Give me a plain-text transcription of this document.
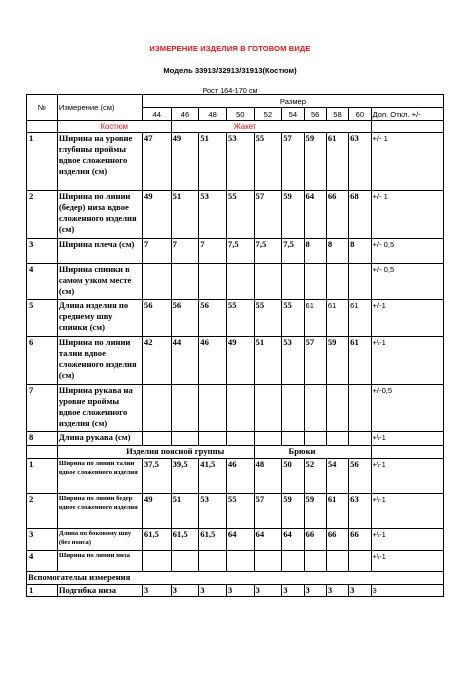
ИЗМЕРЕНИЕ ИЗДЕЛИЯ В ГОТОВОМ ВИДЕ
Модель 33913/32913/31913(Костюм)
Рост 164-170 см
№	Измерение (см)	Размер									
		44	46	48	50	52	54	56	58	60	Доп. Откл. +/-
	Костюм		Жакет								
1	Ширина на уровне глубины проймы вдвое сложенного изделия (см)	47	49	51	53	55	57	59	61	63	+/- 1
2	Ширина по линии (бедер) низа вдвое сложенного изделия (см)	49	51	53	55	57	59	64	66	68	+/- 1
3	Ширина плеча (см)	7	7	7	7,5	7,5	7,5	8	8	8	+/- 0,5
4	Ширина спинки в самом узком месте (см)										+/- 0,5
5	Длина изделия по среднему шву спинки (см)	56	56	56	55	55	55	61	61	61	+/-1
6	Ширина по линии талии вдвое сложенного изделия (см)	42	44	46	49	51	53	57	59	61	+\-1
7	Ширина рукава на уровне проймы вдвое сложенного изделия (см)										+/-0,5
8	Длина рукава (см)										+\-1
	Изделия поясной группы					Брюки					
1	Ширина по линии талии вдвое сложенного изделия	37,5	39,5	41,5	46	48	50	52	54	56	+\-1
2	Ширина по линии бедер вдвое сложенного изделия	49	51	53	55	57	59	59	61	63	+\-1
3	Длина по боковому шву (без пояса)	61,5	61,5	61,5	64	64	64	66	66	66	+\-1
4	Ширина по линии низа										+\-1
Вспомогательн измерения											
1	Подгибка низа	3	3	3	3	3	3	3	3	3	3
